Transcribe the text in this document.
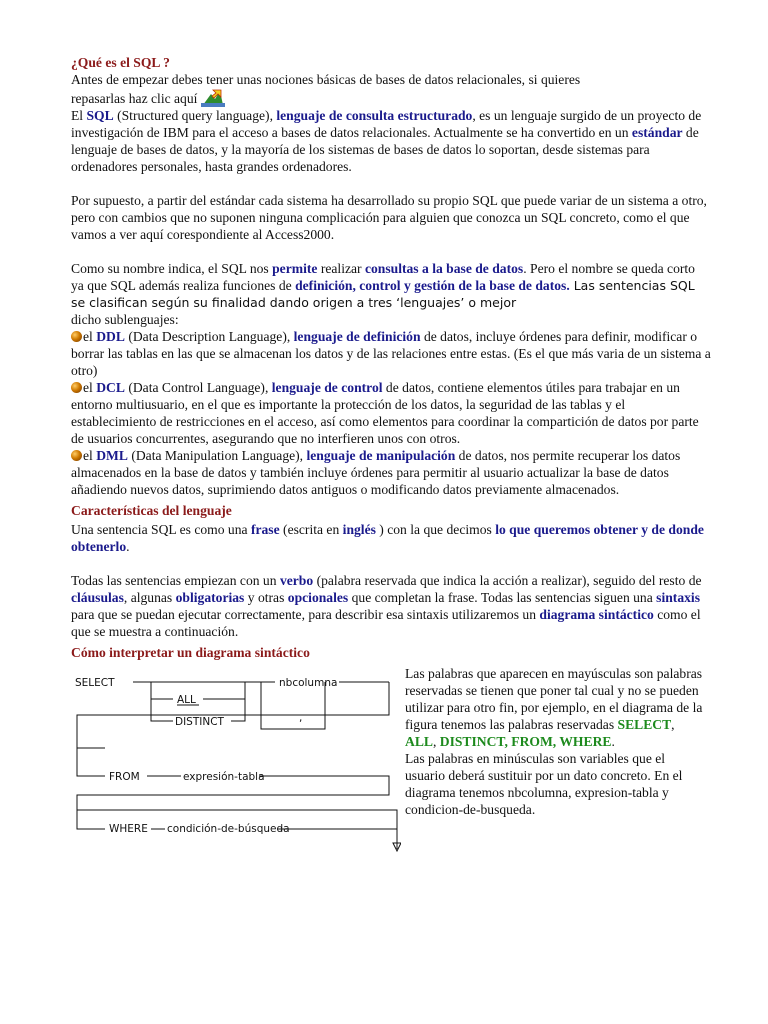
¿Qué es el SQL ?

Antes de empezar debes tener unas nociones básicas de bases de datos relacionales, si quieres
repasarlas haz clic aquí

El SQL (Structured query language), lenguaje de consulta estructurado, es un lenguaje surgido de un proyecto de investigación de IBM para el acceso a bases de datos relacionales. Actualmente se ha convertido en un estándar de lenguaje de bases de datos, y la mayoría de los sistemas de bases de datos lo soportan, desde sistemas para ordenadores personales, hasta grandes ordenadores.

Por supuesto, a partir del estándar cada sistema ha desarrollado su propio SQL que puede variar de un sistema a otro, pero con cambios que no suponen ninguna complicación para alguien que conozca un SQL concreto, como el que vamos a ver aquí corespondiente al Access2000.

Como su nombre indica, el SQL nos permite realizar consultas a la base de datos. Pero el nombre se queda corto ya que SQL además realiza funciones de definición, control y gestión de la base de datos. Las sentencias SQL se clasifican según su finalidad dando origen a tres ‘lenguajes’ o mejor
dicho sublenguajes:

el DDL (Data Description Language), lenguaje de definición de datos, incluye órdenes para definir, modificar o borrar las tablas en las que se almacenan los datos y de las relaciones entre estas. (Es el que más varia de un sistema a otro)

el DCL (Data Control Language), lenguaje de control de datos, contiene elementos útiles para trabajar en un entorno multiusuario, en el que es importante la protección de los datos, la seguridad de las tablas y el establecimiento de restricciones en el acceso, así como elementos para coordinar la compartición de datos por parte de usuarios concurrentes, asegurando que no interfieren unos con otros.

el DML (Data Manipulation Language), lenguaje de manipulación de datos, nos permite recuperar los datos almacenados en la base de datos y también incluye órdenes para permitir al usuario actualizar la base de datos añadiendo nuevos datos, suprimiendo datos antiguos o modificando datos previamente almacenados.

Características del lenguaje

Una sentencia SQL es como una frase (escrita en inglés ) con la que decimos lo que queremos obtener y de donde obtenerlo.

Todas las sentencias empiezan con un verbo (palabra reservada que indica la acción a realizar), seguido del resto de cláusulas, algunas obligatorias y otras opcionales que completan la frase. Todas las sentencias siguen una sintaxis para que se puedan ejecutar correctamente, para describir esa sintaxis utilizaremos un diagrama sintáctico como el que se muestra a continuación.

Cómo interpretar un diagrama sintáctico
SELECT	nbcolumna
ALL
DISTINCT	,
FROM	expresión-tabla
WHERE condición-de-búsqueda

Las palabras que aparecen en mayúsculas son palabras reservadas se tienen que poner tal cual y no se pueden utilizar para otro fin, por ejemplo, en el diagrama de la figura tenemos las palabras reservadas SELECT, ALL, DISTINCT, FROM, WHERE.
Las palabras en minúsculas son variables que el usuario deberá sustituir por un dato concreto. En el diagrama tenemos nbcolumna, expresion-tabla y condicion-de-busqueda.
